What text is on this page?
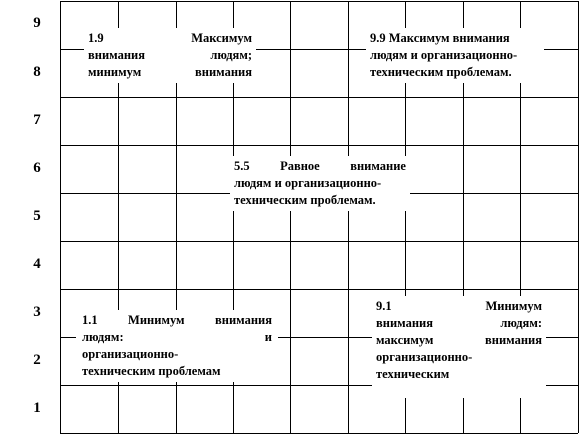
9
8
7
6
5
4
3
2
1
1.9 Максимум
внимания людям;
минимум внимания
9.9 Максимум внимания
людям и организационно-
техническим проблемам.
5.5 Равное внимание
людям и организационно-
техническим проблемам.
1.1 Минимум внимания
людям: и
организационно-
техническим проблемам
9.1 Минимум
внимания людям:
максимум внимания
организационно-
техническим
